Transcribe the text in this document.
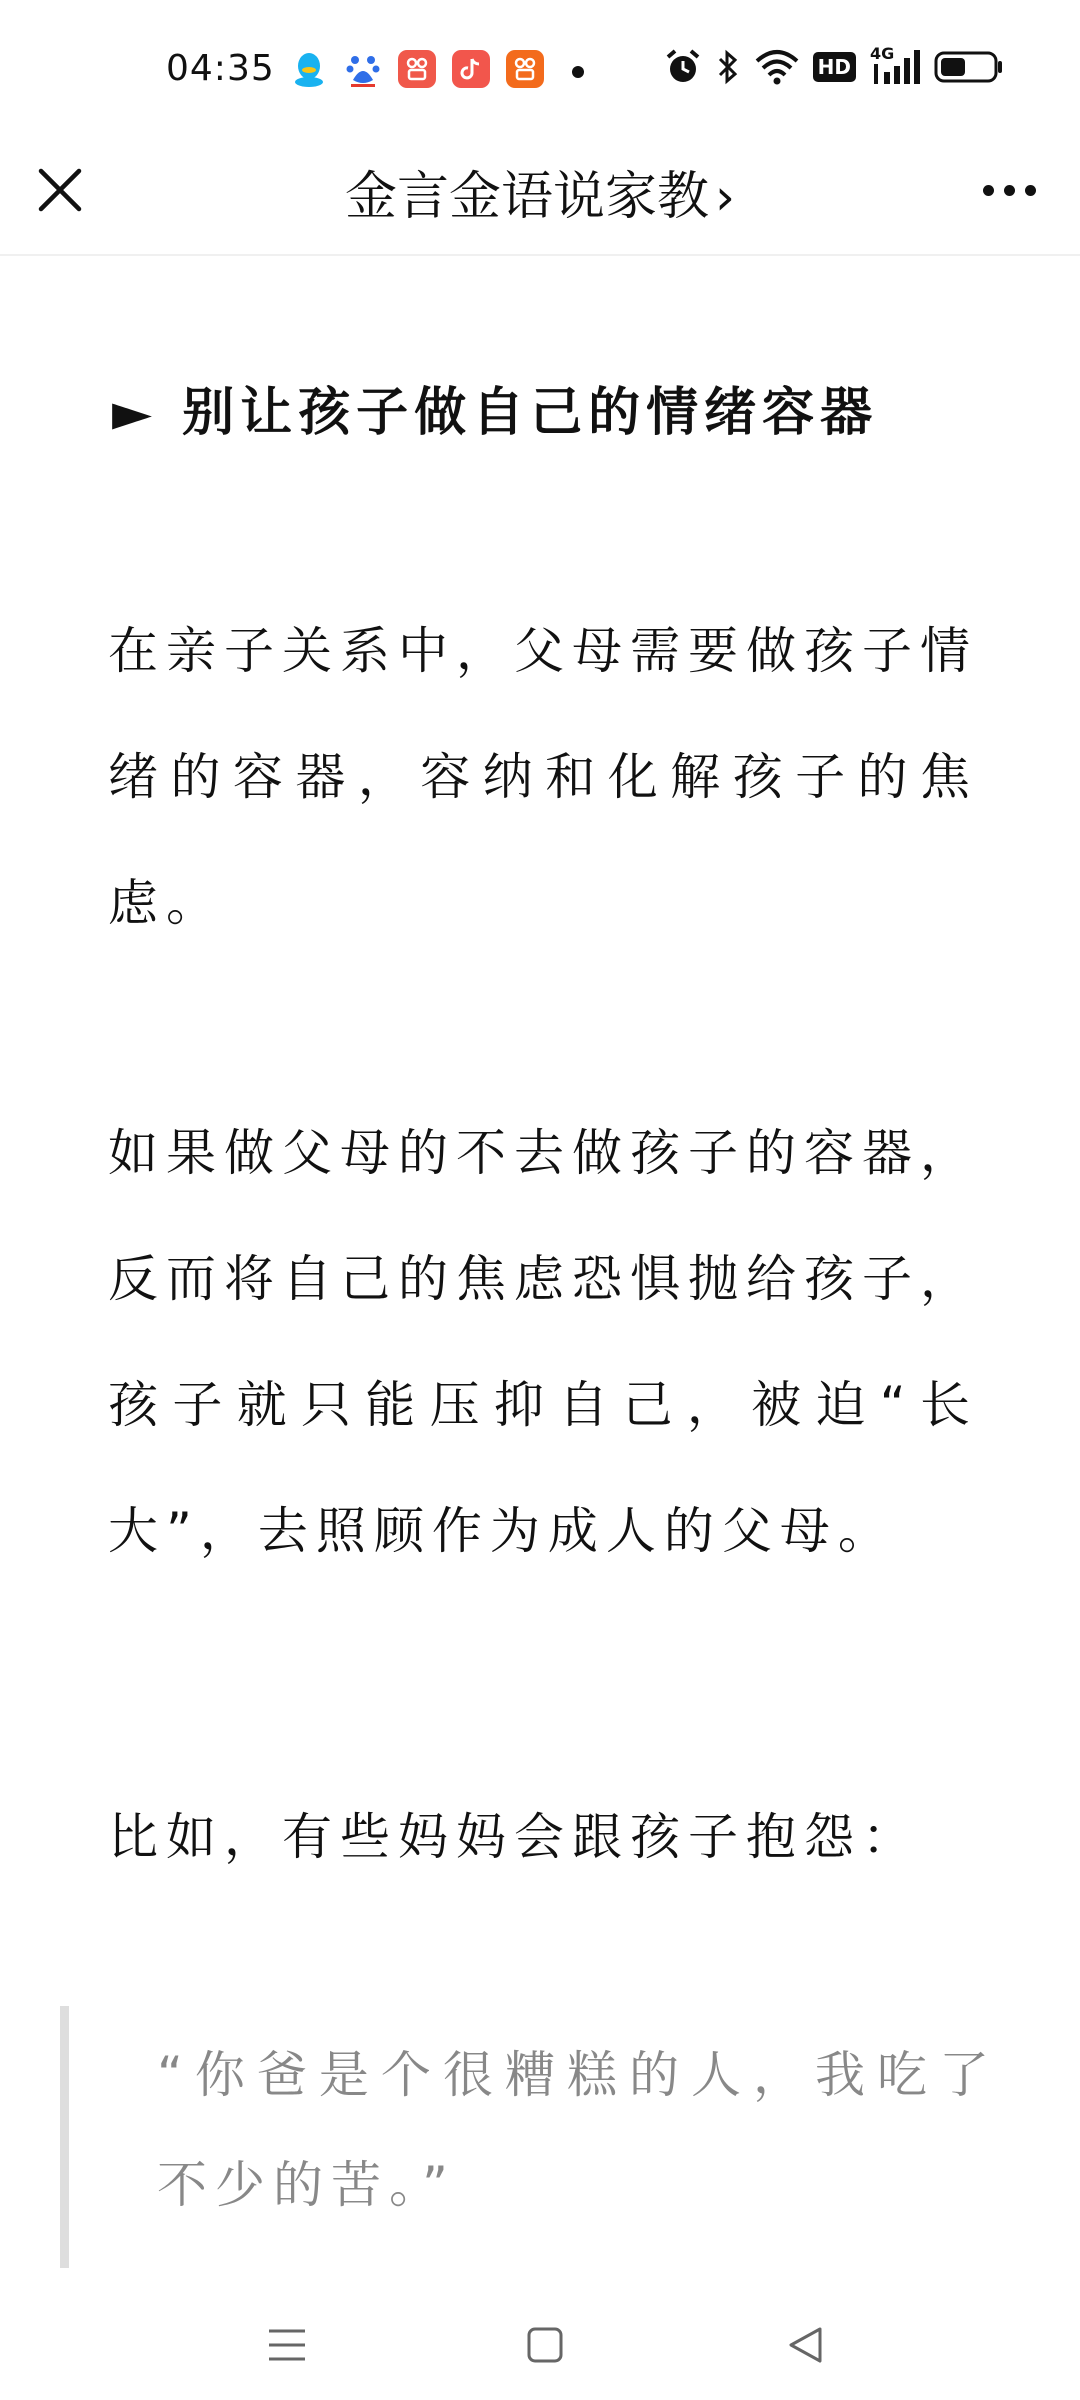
04:35	HD
4G
金言金语说家教 ›
► 别让孩子做自己的情绪容器
在亲子关系中，父母需要做孩子情绪的容器，容纳和化解孩子的焦虑。
如果做父母的不去做孩子的容器，反而将自己的焦虑恐惧抛给孩子，孩子就只能压抑自己，被迫“长大”，去照顾作为成人的父母。
比如，有些妈妈会跟孩子抱怨：
“你爸是个很糟糕的人，我吃了不少的苦。”
